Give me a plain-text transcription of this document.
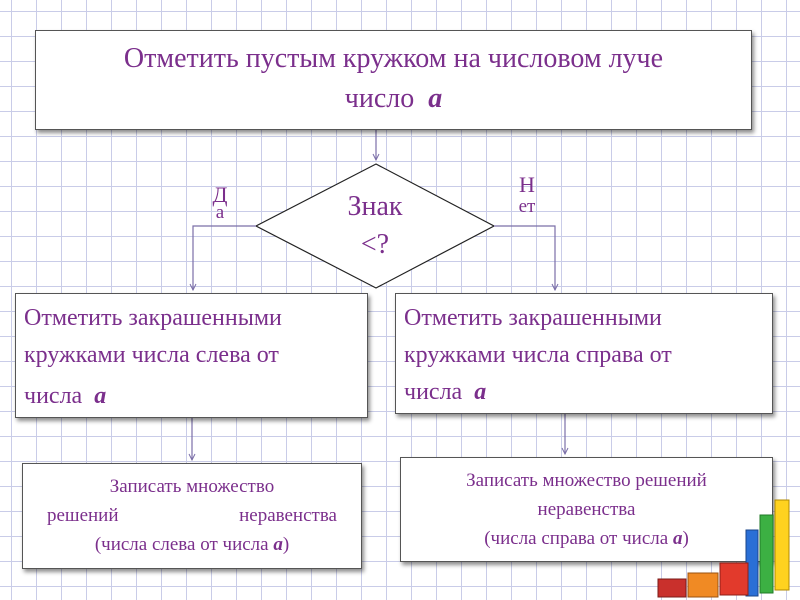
Отметить пустым кружком на числовом луче
число а
Знак
<?
Д
а
Н
ет
Отметить закрашенными
кружками числа слева от
числа а
Отметить закрашенными
кружками числа справа от
числа а
Записать множество
решений	неравенства
(числа слева от числа а)
Записать множество решений
неравенства
(числа справа от числа а)
